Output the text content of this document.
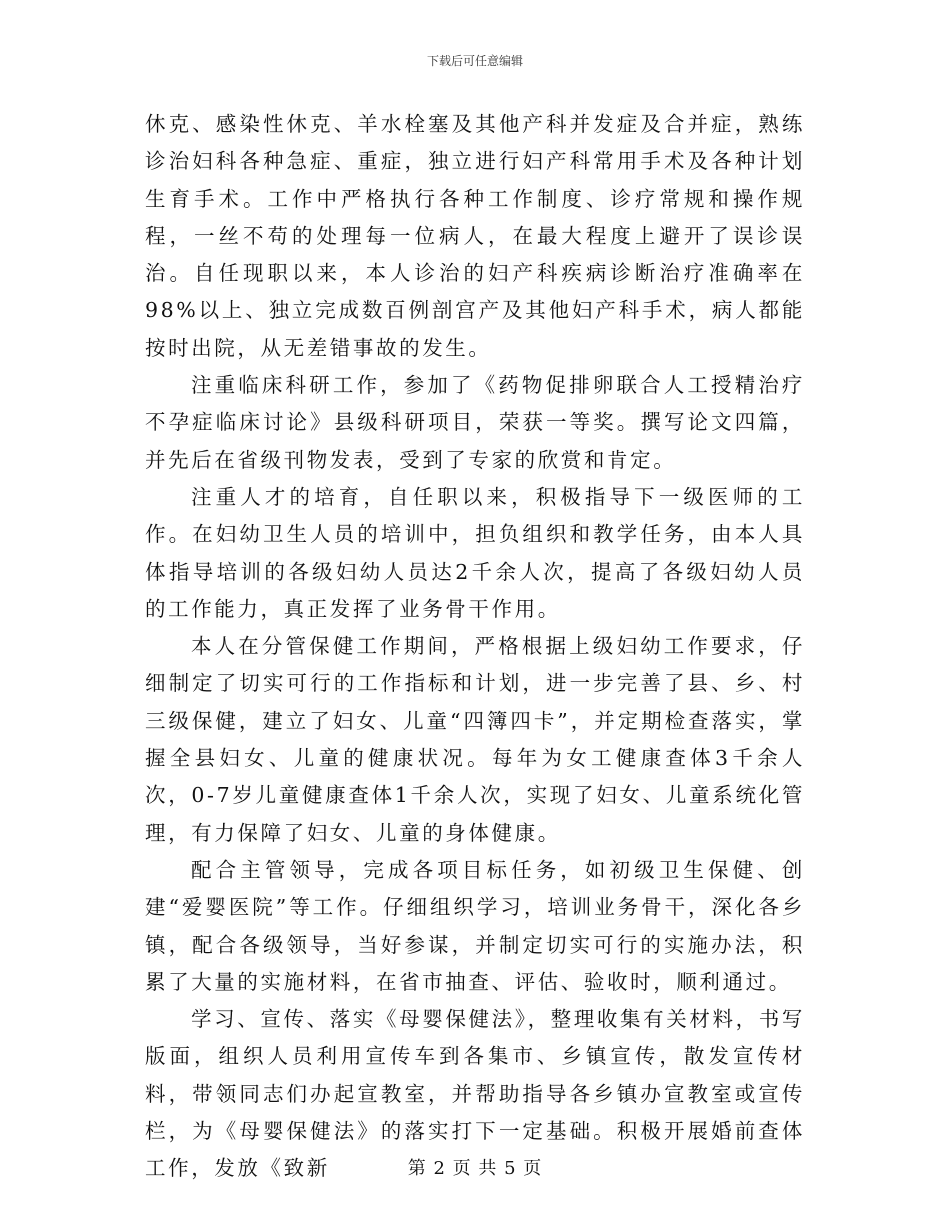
下载后可任意编辑

休克、感染性休克、羊水栓塞及其他产科并发症及合并症，熟练诊治妇科各种急症、重症，独立进行妇产科常用手术及各种计划生育手术。工作中严格执行各种工作制度、诊疗常规和操作规程，一丝不苟的处理每一位病人，在最大程度上避开了误诊误治。自任现职以来，本人诊治的妇产科疾病诊断治疗准确率在98%以上、独立完成数百例剖宫产及其他妇产科手术，病人都能按时出院，从无差错事故的发生。

注重临床科研工作，参加了《药物促排卵联合人工授精治疗不孕症临床讨论》县级科研项目，荣获一等奖。撰写论文四篇，并先后在省级刊物发表，受到了专家的欣赏和肯定。

注重人才的培育，自任职以来，积极指导下一级医师的工作。在妇幼卫生人员的培训中，担负组织和教学任务，由本人具体指导培训的各级妇幼人员达2千余人次，提高了各级妇幼人员的工作能力，真正发挥了业务骨干作用。

本人在分管保健工作期间，严格根据上级妇幼工作要求，仔细制定了切实可行的工作指标和计划，进一步完善了县、乡、村三级保健，建立了妇女、儿童“四簿四卡”，并定期检查落实，掌握全县妇女、儿童的健康状况。每年为女工健康查体3千余人次，0-7岁儿童健康查体1千余人次，实现了妇女、儿童系统化管理，有力保障了妇女、儿童的身体健康。

配合主管领导，完成各项目标任务，如初级卫生保健、创建“爱婴医院”等工作。仔细组织学习，培训业务骨干，深化各乡镇，配合各级领导，当好参谋，并制定切实可行的实施办法，积累了大量的实施材料，在省市抽查、评估、验收时，顺利通过。

学习、宣传、落实《母婴保健法》，整理收集有关材料，书写版面，组织人员利用宣传车到各集市、乡镇宣传，散发宣传材料，带领同志们办起宣教室，并帮助指导各乡镇办宣教室或宣传栏，为《母婴保健法》的落实打下一定基础。积极开展婚前查体工作，发放《致新	第 2 页 共 5 页
